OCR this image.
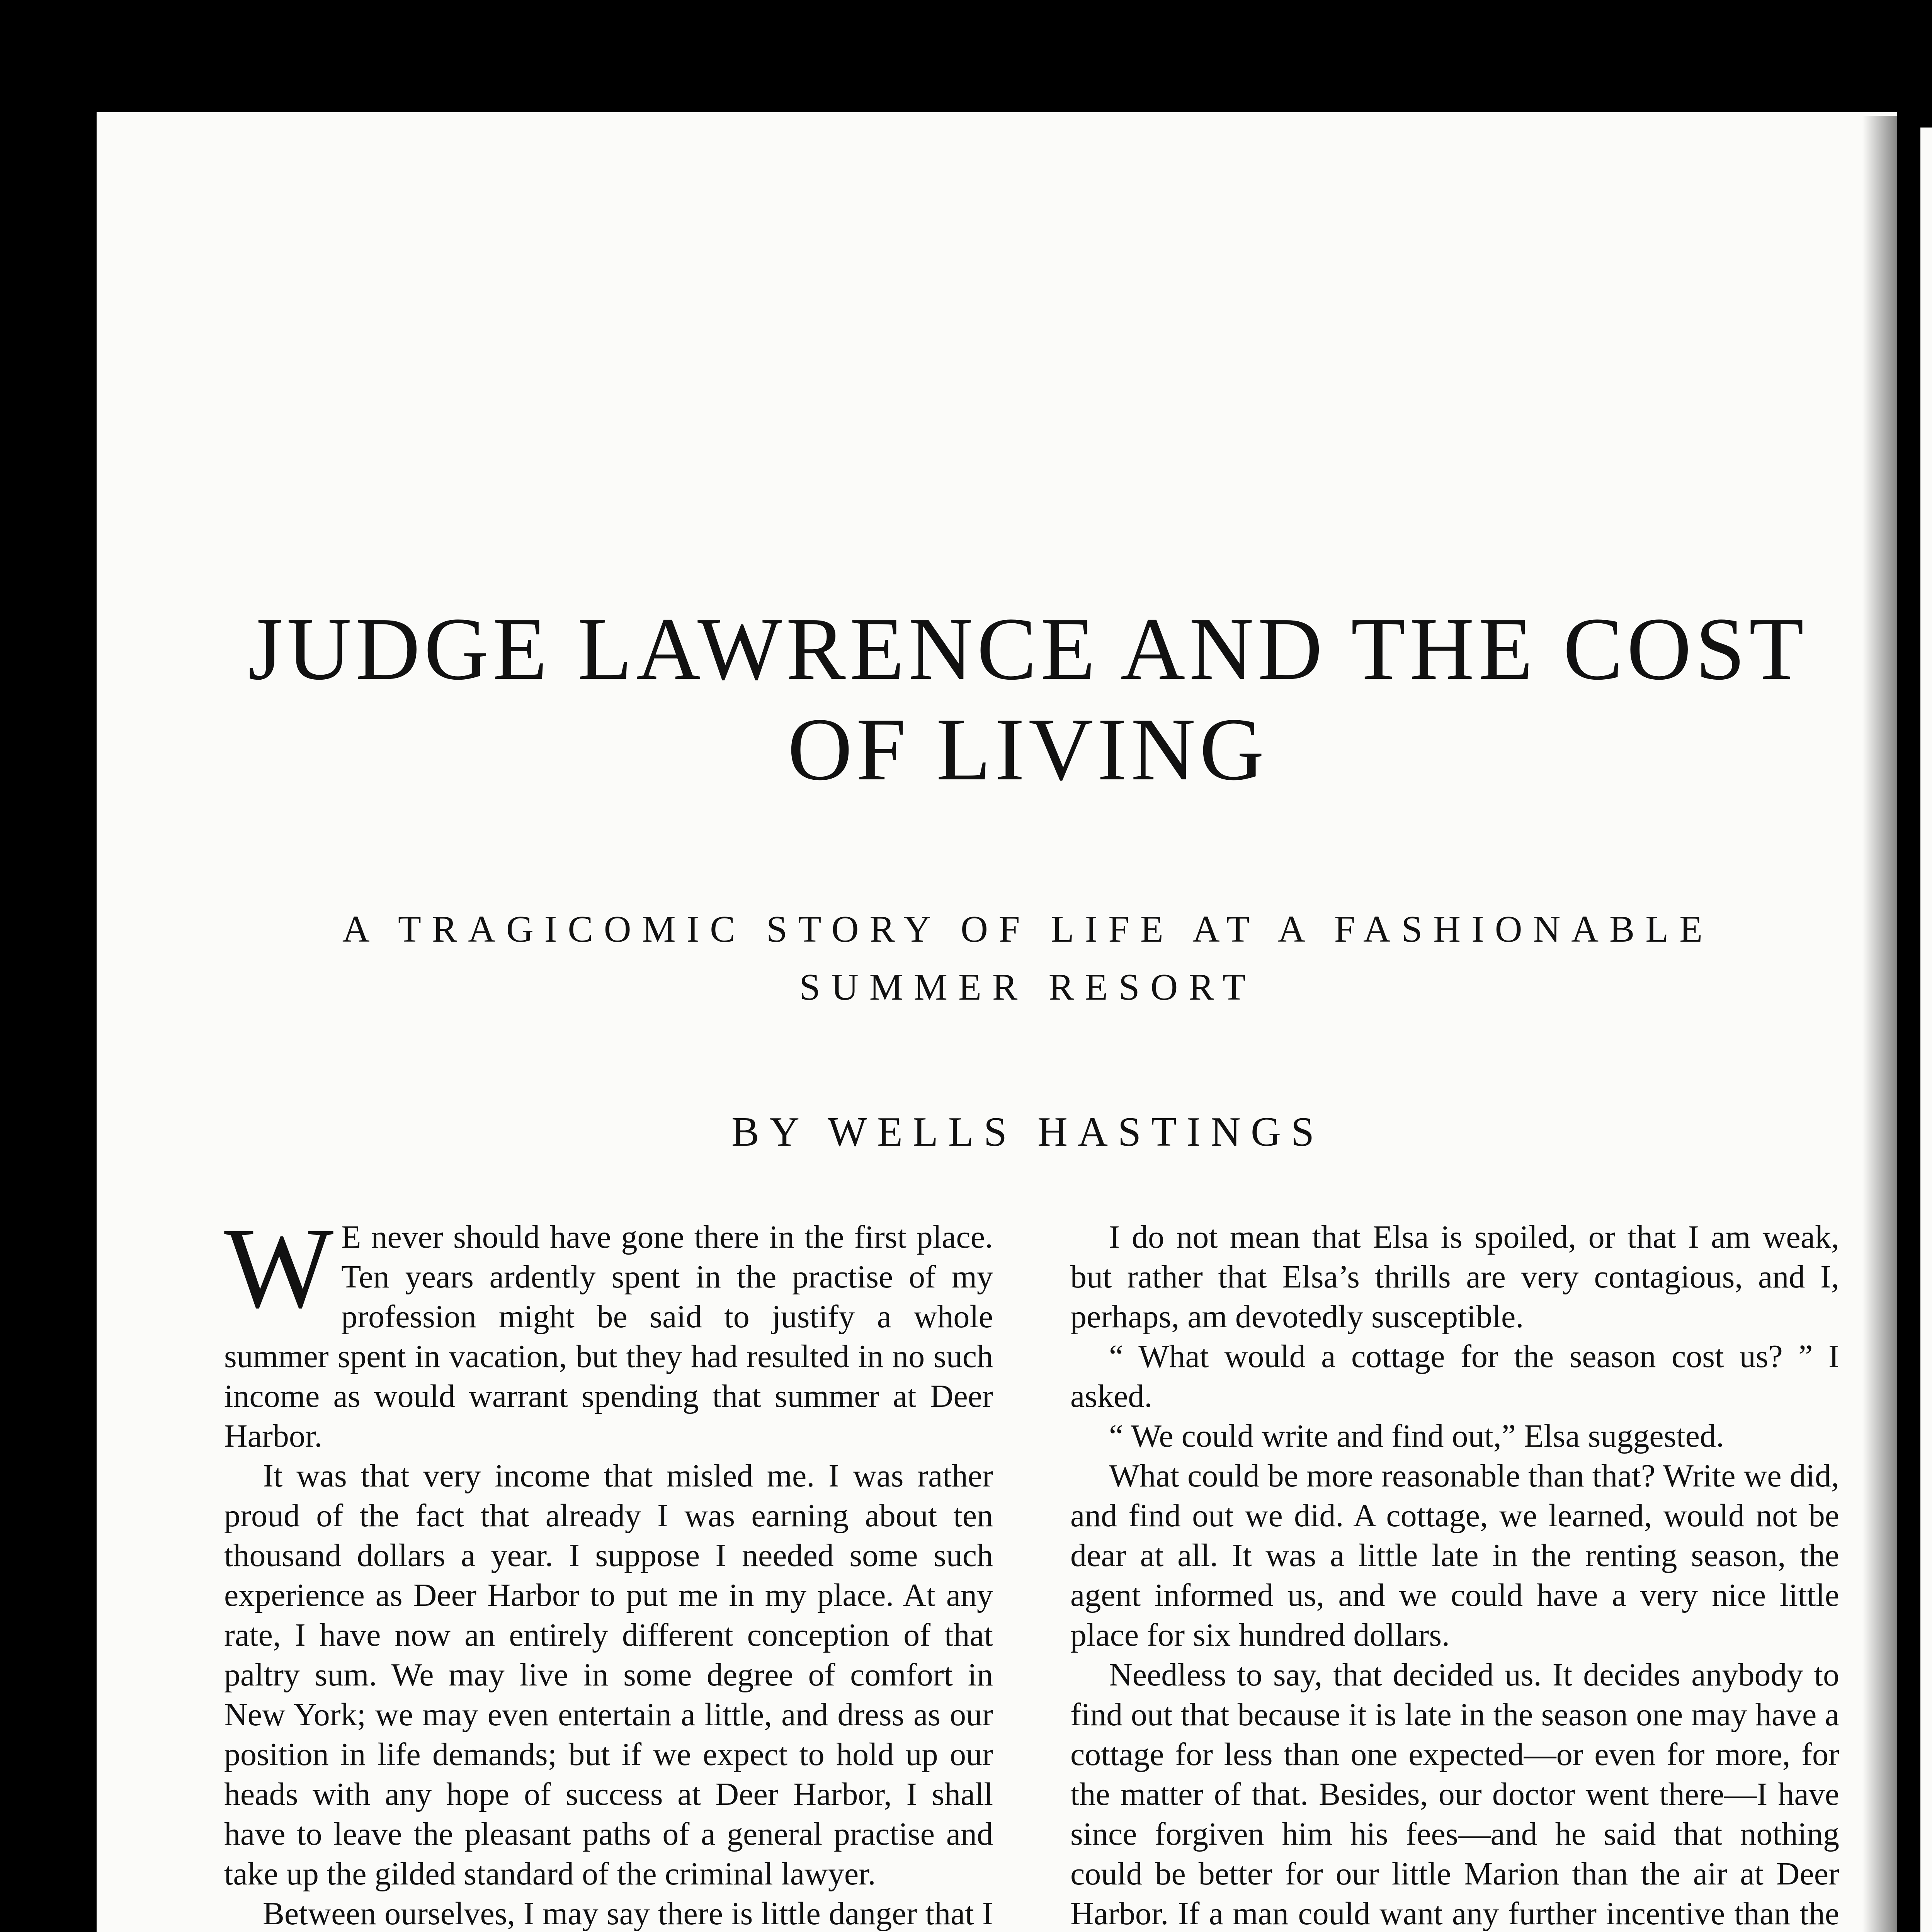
JUDGE LAWRENCE AND THE COST OF LIVING
A TRAGICOMIC STORY OF LIFE AT A FASHIONABLE SUMMER RESORT
BY WELLS HASTINGS

W E never should have gone there in the first place. Ten years ardently spent in the practise of my profession might be said to justify a whole summer spent in vacation, but they had resulted in no such income as would warrant spending that summer at Deer Harbor.

It was that very income that misled me. I was rather proud of the fact that already I was earning about ten thousand dollars a year. I suppose I needed some such experience as Deer Harbor to put me in my place. At any rate, I have now an entirely different conception of that paltry sum. We may live in some degree of comfort in New York; we may even entertain a little, and dress as our position in life demands; but if we expect to hold up our heads with any hope of success at Deer Harbor, I shall have to leave the pleasant paths of a general practise and take up the gilded standard of the criminal lawyer.

Between ourselves, I may say there is little danger that I

I do not mean that Elsa is spoiled, or that I am weak, but rather that Elsa’s thrills are very contagious, and I, perhaps, am devotedly susceptible.

“ What would a cottage for the season cost us? ” I asked.

“ We could write and find out,” Elsa suggested.

What could be more reasonable than that? Write we did, and find out we did. A cottage, we learned, would not be dear at all. It was a little late in the renting season, the agent informed us, and we could have a very nice little place for six hundred dollars.

Needless to say, that decided us. It decides anybody to find out that because it is late in the season one may have a cottage for less than one expected—or even for more, for the matter of that. Besides, our doctor went there—I have since forgiven him his fees—and he said that nothing could be better for our little Marion than the air at Deer Harbor. If a man could want any further incentive than the
